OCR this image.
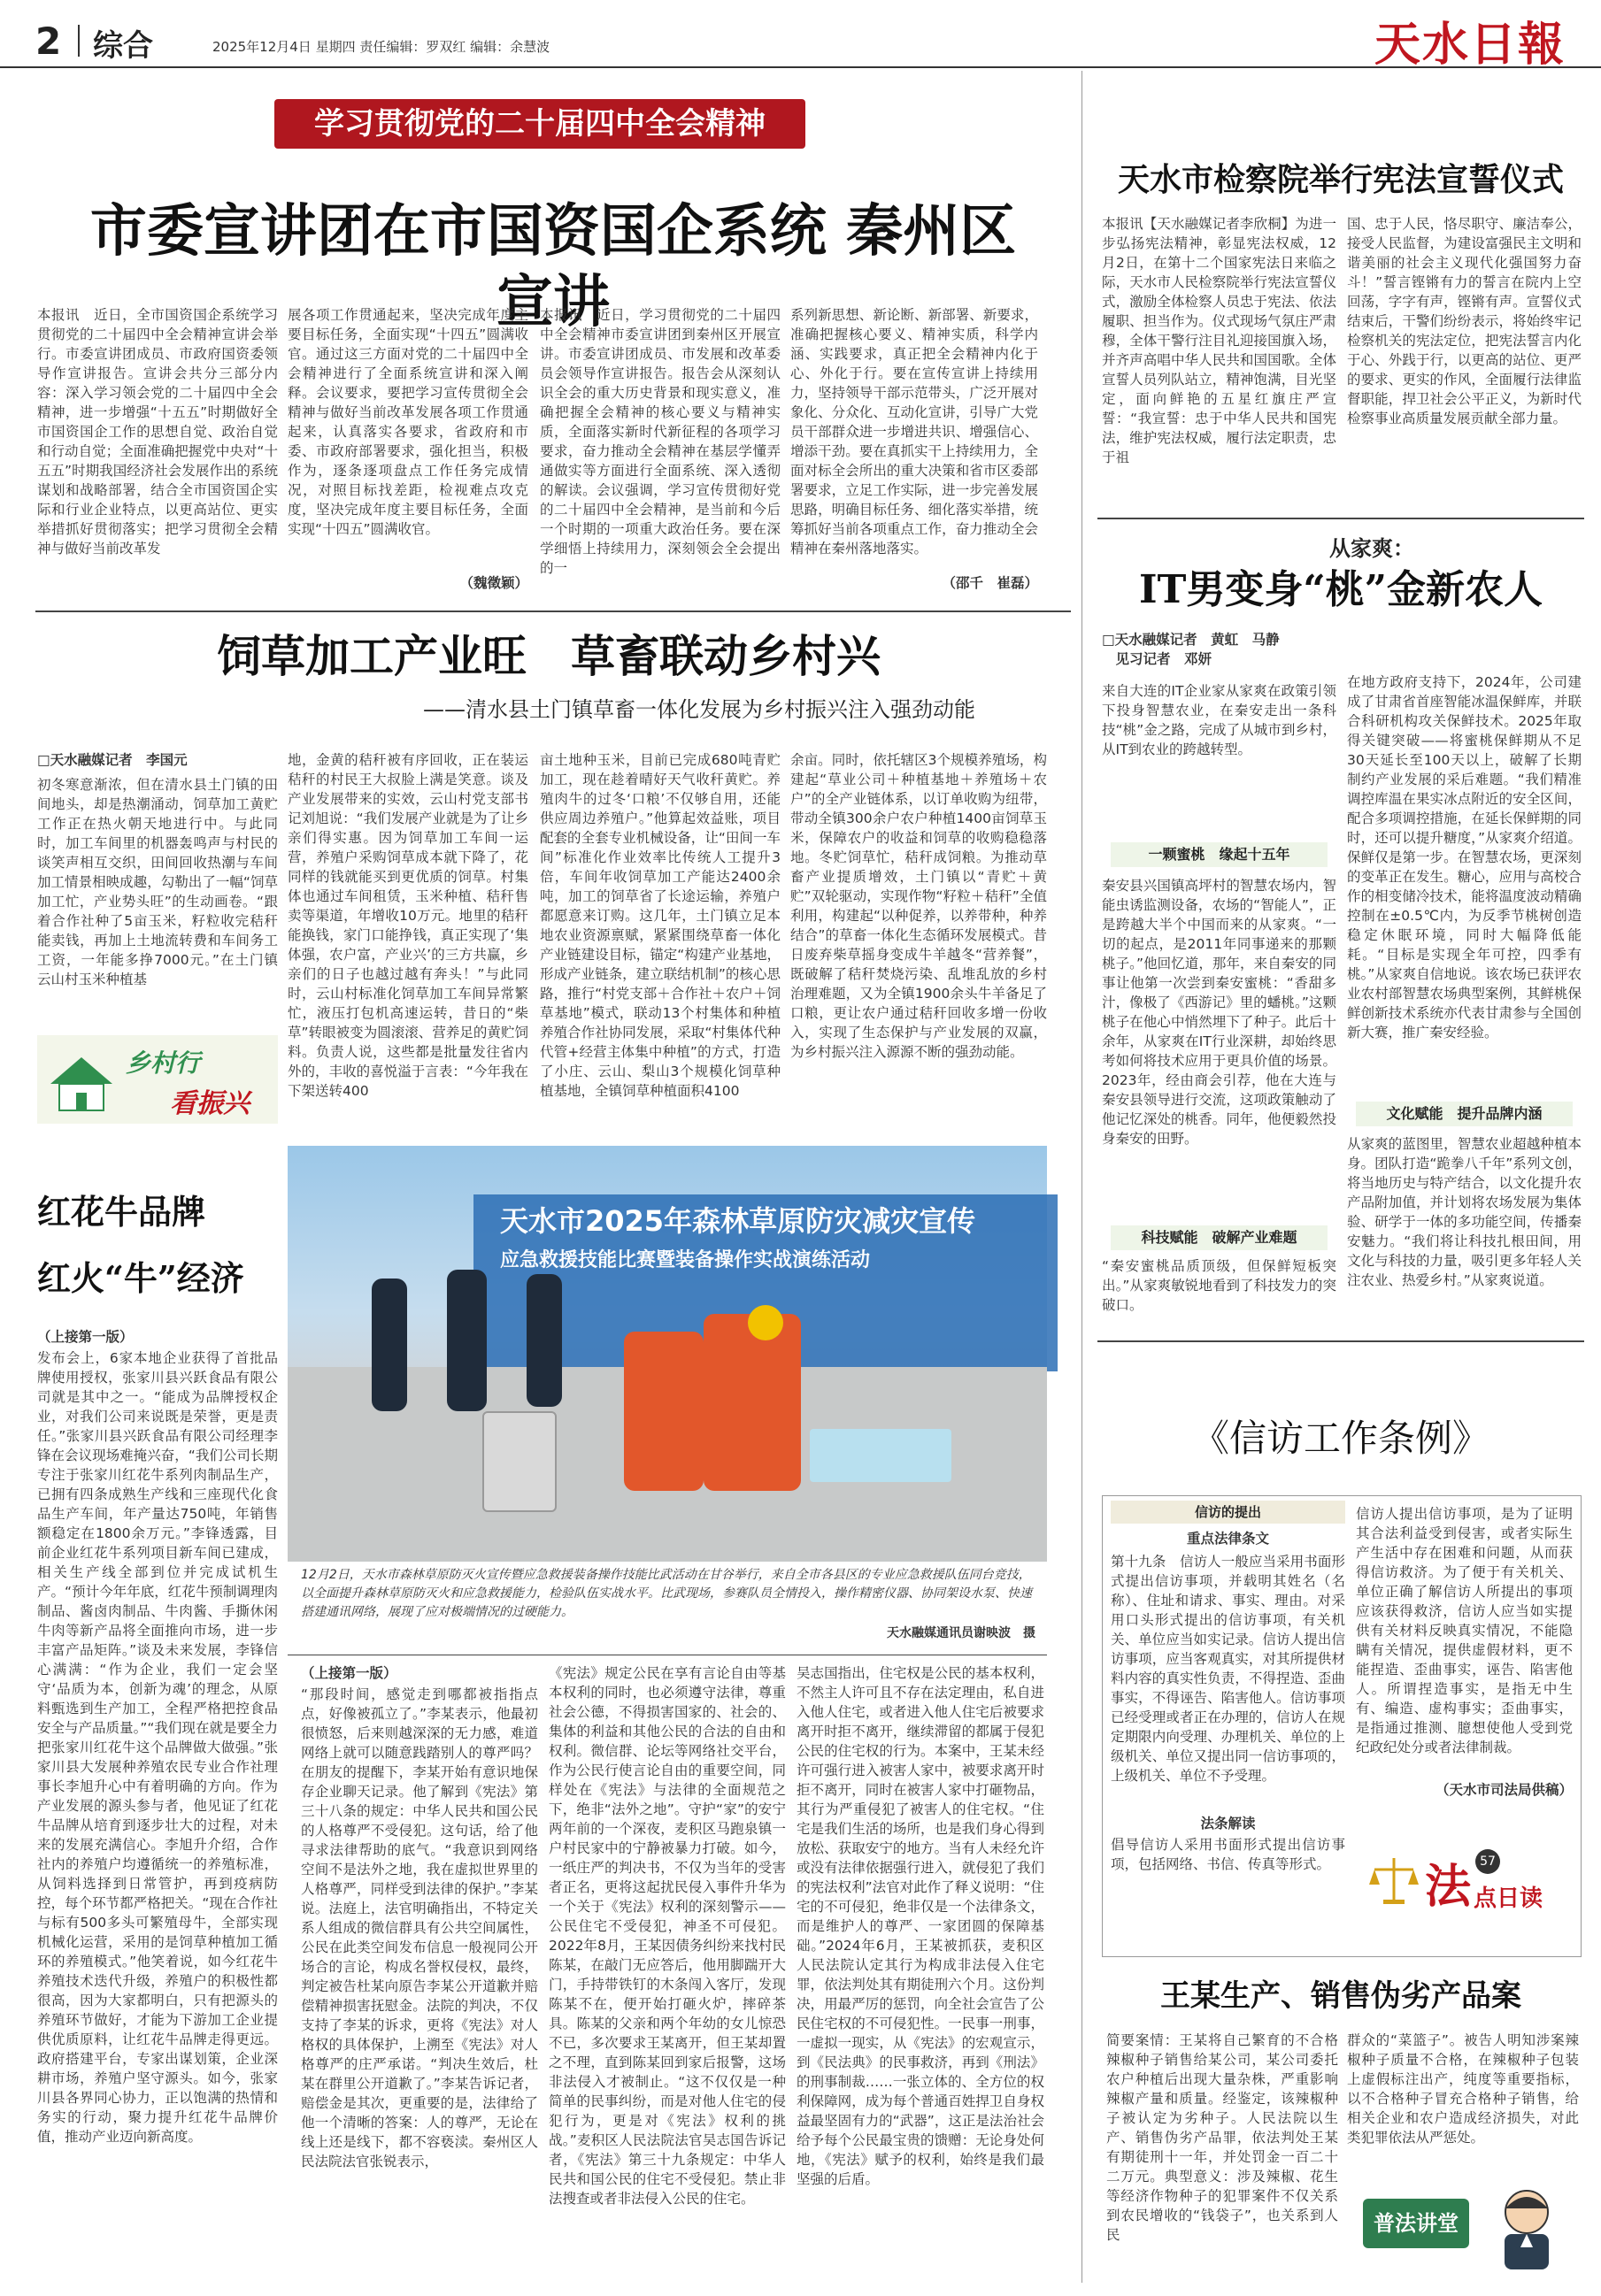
2 综合	2025年12月4日 星期四 责任编辑：罗双红 编辑：余慧波	天水日報
学习贯彻党的二十届四中全会精神
市委宣讲团在市国资国企系统 秦州区宣讲
本报讯　近日，全市国资国企系统学习贯彻党的二十届四中全会精神宣讲会举行。市委宣讲团成员、市政府国资委领导作宣讲报告。宣讲会共分三部分内容：深入学习领会党的二十届四中全会精神，进一步增强“十五五”时期做好全市国资国企工作的思想自觉、政治自觉和行动自觉；全面准确把握党中央对“十五五”时期我国经济社会发展作出的系统谋划和战略部署，结合全市国资国企实际和行业企业特点，以更高站位、更实举措抓好贯彻落实；把学习贯彻全会精神与做好当前改革发
展各项工作贯通起来，坚决完成年度主要目标任务，全面实现“十四五”圆满收官。通过这三方面对党的二十届四中全会精神进行了全面系统宣讲和深入阐释。会议要求，要把学习宣传贯彻全会精神与做好当前改革发展各项工作贯通起来，认真落实各要求，省政府和市委、市政府部署要求，强化担当，积极作为，逐条逐项盘点工作任务完成情况，对照目标找差距，检视难点攻克度，坚决完成年度主要目标任务，全面实现“十四五”圆满收官。
（魏徵颖）
本报讯　近日，学习贯彻党的二十届四中全会精神市委宣讲团到秦州区开展宣讲。市委宣讲团成员、市发展和改革委员会领导作宣讲报告。报告会从深刻认识全会的重大历史背景和现实意义，准确把握全会精神的核心要义与精神实质，全面落实新时代新征程的各项学习要求，奋力推动全会精神在基层学懂弄通做实等方面进行全面系统、深入透彻的解读。会议强调，学习宣传贯彻好党的二十届四中全会精神，是当前和今后一个时期的一项重大政治任务。要在深学细悟上持续用力，深刻领会全会提出的一
系列新思想、新论断、新部署、新要求，准确把握核心要义、精神实质，科学内涵、实践要求，真正把全会精神内化于心、外化于行。要在宣传宣讲上持续用力，坚持领导干部示范带头，广泛开展对象化、分众化、互动化宣讲，引导广大党员干部群众进一步增进共识、增强信心、增添干劲。要在真抓实干上持续用力，全面对标全会所出的重大决策和省市区委部署要求，立足工作实际，进一步完善发展思路，明确目标任务、细化落实举措，统筹抓好当前各项重点工作，奋力推动全会精神在秦州落地落实。
（邵千　崔磊）
饲草加工产业旺　草畜联动乡村兴
——清水县土门镇草畜一体化发展为乡村振兴注入强劲动能
□天水融媒记者　李国元
初冬寒意渐浓，但在清水县土门镇的田间地头，却是热潮涌动，饲草加工黄贮工作正在热火朝天地进行中。与此同时，加工车间里的机器轰鸣声与村民的谈笑声相互交织，田间回收热潮与车间加工情景相映成趣，勾勒出了一幅“饲草加工忙，产业势头旺”的生动画卷。“跟着合作社种了5亩玉米，籽粒收完秸秆能卖钱，再加上土地流转费和车间务工工资，一年能多挣7000元。”在土门镇云山村玉米种植基
地，金黄的秸秆被有序回收，正在装运秸秆的村民王大叔脸上满是笑意。谈及产业发展带来的实效，云山村党支部书记刘旭说：“我们发展产业就是为了让乡亲们得实惠。因为饲草加工车间一运营，养殖户采购饲草成本就下降了，花同样的钱就能买到更优质的饲草。村集体也通过车间租赁，玉米种植、秸秆售卖等渠道，年增收10万元。地里的秸秆能换钱，家门口能挣钱，真正实现了‘集体强，农户富，产业兴’的三方共赢，乡亲们的日子也越过越有奔头！”与此同时，云山村标准化饲草加工车间异常繁忙，液压打包机高速运转，昔日的“柴草”转眼被变为圆滚滚、营养足的黄贮饲料。负责人说，这些都是批量发往省内外的，丰收的喜悦溢于言表：“今年我在下架送转400
亩土地种玉米，目前已完成680吨青贮加工，现在趁着晴好天气收秆黄贮。养殖肉牛的过冬‘口粮’不仅够自用，还能供应周边养殖户。”他算起效益账，项目配套的全套专业机械设备，让“田间一车间”标准化作业效率比传统人工提升3倍，车间年收饲草加工产能达2400余吨，加工的饲草省了长途运输，养殖户都愿意来订购。这几年，土门镇立足本地农业资源禀赋，紧紧围绕草畜一体化产业链建设目标，锚定“构建产业基地，形成产业链条，建立联结机制”的核心思路，推行“村党支部＋合作社＋农户＋饲草基地”模式，联动13个村集体和种植养殖合作社协同发展，采取“村集体代种代管+经营主体集中种植”的方式，打造了小庄、云山、梨山3个规模化饲草种植基地，全镇饲草种植面积4100
余亩。同时，依托辖区3个规模养殖场，构建起“草业公司＋种植基地＋养殖场＋农户”的全产业链体系，以订单收购为纽带，带动全镇300余户农户种植1400亩饲草玉米，保障农户的收益和饲草的收购稳稳落地。冬贮饲草忙，秸秆成饲粮。为推动草畜产业提质增效，土门镇以“青贮＋黄贮”双轮驱动，实现作物“籽粒＋秸秆”全值利用，构建起“以种促养，以养带种，种养结合”的草畜一体化生态循环发展模式。昔日废弃柴草摇身变成牛羊越冬“营养餐”，既破解了秸秆焚烧污染、乱堆乱放的乡村治理难题，又为全镇1900余头牛羊备足了口粮，更让农户通过秸秆回收多增一份收入，实现了生态保护与产业发展的双赢，为乡村振兴注入源源不断的强劲动能。
乡村行
看振兴
天水市2025年森林草原防灾减灾宣传
应急救援技能比赛暨装备操作实战演练活动
12月2日，天水市森林草原防灭火宣传暨应急救援装备操作技能比武活动在甘谷举行，来自全市各县区的专业应急救援队伍同台竞技，以全面提升森林草原防灭火和应急救援能力，检验队伍实战水平。比武现场，参赛队员全情投入，操作精密仪器、协同架设水泵、快速搭建通讯网络，展现了应对极端情况的过硬能力。
天水融媒通讯员谢映波　摄
红花牛品牌
红火“牛”经济
（上接第一版）
发布会上，6家本地企业获得了首批品牌使用授权，张家川县兴跃食品有限公司就是其中之一。“能成为品牌授权企业，对我们公司来说既是荣誉，更是责任。”张家川县兴跃食品有限公司经理李锋在会议现场难掩兴奋，“我们公司长期专注于张家川红花牛系列肉制品生产，已拥有四条成熟生产线和三座现代化食品生产车间，年产量达750吨，年销售额稳定在1800余万元。”李锋透露，目前企业红花牛系列项目新车间已建成，相关生产线全部到位并完成试机生产。“预计今年年底，红花牛预制调理肉制品、酱卤肉制品、牛肉酱、手撕休闲牛肉等新产品将全面推向市场，进一步丰富产品矩阵。”谈及未来发展，李锋信心满满：“作为企业，我们一定会坚守‘品质为本，创新为魂’的理念，从原料甄选到生产加工，全程严格把控食品安全与产品质量。”“我们现在就是要全力把张家川红花牛这个品牌做大做强。”张家川县大发展种养殖农民专业合作社理事长李旭升心中有着明确的方向。作为产业发展的源头参与者，他见证了红花牛品牌从培育到逐步壮大的过程，对未来的发展充满信心。李旭升介绍，合作社内的养殖户均遵循统一的养殖标准，从饲料选择到日常管护，再到疫病防控，每个环节都严格把关。“现在合作社与标有500多头可繁殖母牛，全部实现机械化运营，采用的是饲草种植加工循环的养殖模式。”他笑着说，如今红花牛养殖技术迭代升级，养殖户的积极性都很高，因为大家都明白，只有把源头的养殖环节做好，才能为下游加工企业提供优质原料，让红花牛品牌走得更远。政府搭建平台，专家出谋划策，企业深耕市场，养殖户坚守源头。如今，张家川县各界同心协力，正以饱满的热情和务实的行动，聚力提升红花牛品牌价值，推动产业迈向新高度。
（上接第一版）
“那段时间，感觉走到哪都被指指点点，好像被孤立了。”李某表示，他最初很愤怒，后来则越深深的无力感，难道网络上就可以随意践踏别人的尊严吗？在朋友的提醒下，李某开始有意识地保存企业聊天记录。他了解到《宪法》第三十八条的规定：中华人民共和国公民的人格尊严不受侵犯。这句话，给了他寻求法律帮助的底气。“我意识到网络空间不是法外之地，我在虚拟世界里的人格尊严，同样受到法律的保护。”李某说。法庭上，法官明确指出，不特定关系人组成的微信群具有公共空间属性，公民在此类空间发布信息一般视同公开场合的言论，构成名誉权侵权，最终，判定被告杜某向原告李某公开道歉并赔偿精神损害抚慰金。法院的判决，不仅支持了李某的诉求，更将《宪法》对人格权的具体保护，上溯至《宪法》对人格尊严的庄严承诺。“判决生效后，杜某在群里公开道歉了。”李某告诉记者，赔偿金是其次，更重要的是，法律给了他一个清晰的答案：人的尊严，无论在线上还是线下，都不容亵渎。秦州区人民法院法官张锐表示，
《宪法》规定公民在享有言论自由等基本权利的同时，也必须遵守法律，尊重社会公德，不得损害国家的、社会的、集体的利益和其他公民的合法的自由和权利。微信群、论坛等网络社交平台，作为公民行使言论自由的重要空间，同样处在《宪法》与法律的全面规范之下，绝非“法外之地”。守护“家”的安宁　两年前的一个深夜，麦积区马跑泉镇一户村民家中的宁静被暴力打破。如今，一纸庄严的判决书，不仅为当年的受害者正名，更将这起扰民侵入事件升华为一个关于《宪法》权利的深刻警示——公民住宅不受侵犯，神圣不可侵犯。2022年8月，王某因债务纠纷来找村民陈某，在敲门无应答后，他用脚踹开大门，手持带铁钉的木条闯入客厅，发现陈某不在，便开始打砸火炉，摔碎茶具。陈某的父亲和两个年幼的女儿惊恐不已，多次要求王某离开，但王某却置之不理，直到陈某回到家后报警，这场非法侵入才被制止。“这不仅仅是一种简单的民事纠纷，而是对他人住宅的侵犯行为，更是对《宪法》权利的挑战。”麦积区人民法院法官吴志国告诉记者，《宪法》第三十九条规定：中华人民共和国公民的住宅不受侵犯。禁止非法搜查或者非法侵入公民的住宅。
吴志国指出，住宅权是公民的基本权利，不然主人许可且不存在法定理由，私自进入他人住宅，或者进入他人住宅后被要求离开时拒不离开，继续滞留的都属于侵犯公民的住宅权的行为。本案中，王某未经许可强行进入被害人家中，被要求离开时拒不离开，同时在被害人家中打砸物品，其行为严重侵犯了被害人的住宅权。“住宅是我们生活的场所，也是我们身心得到放松、获取安宁的地方。当有人未经允许或没有法律依据强行进入，就侵犯了我们的宪法权利”法官对此作了释义说明：“住宅的不可侵犯，绝非仅是一个法律条文，而是维护人的尊严、一家团圆的保障基础。”2024年6月，王某被抓获，麦积区人民法院认定其行为构成非法侵入住宅罪，依法判处其有期徒刑六个月。这份判决，用最严厉的惩罚，向全社会宣告了公民住宅权的不可侵犯性。一民事一刑事，一虚拟一现实，从《宪法》的宏观宣示，到《民法典》的民事救济，再到《刑法》的刑事制裁……一张立体的、全方位的权利保障网，成为每个普通百姓捍卫自身权益最坚固有力的“武器”，这正是法治社会给予每个公民最宝贵的馈赠：无论身处何地，《宪法》赋予的权利，始终是我们最坚强的后盾。
天水市检察院举行宪法宣誓仪式
本报讯【天水融媒记者李欣桐】为进一步弘扬宪法精神，彰显宪法权威，12月2日，在第十二个国家宪法日来临之际，天水市人民检察院举行宪法宣誓仪式，激励全体检察人员忠于宪法、依法履职、担当作为。仪式现场气氛庄严肃穆，全体干警行注目礼迎接国旗入场，并齐声高唱中华人民共和国国歌。全体宣誓人员列队站立，精神饱满，目光坚定，面向鲜艳的五星红旗庄严宣誓：“我宣誓：忠于中华人民共和国宪法，维护宪法权威，履行法定职责，忠于祖
国、忠于人民，恪尽职守、廉洁奉公，接受人民监督，为建设富强民主文明和谐美丽的社会主义现代化强国努力奋斗！”誓言铿锵有力的誓言在院内上空回荡，字字有声，铿锵有声。宣誓仪式结束后，干警们纷纷表示，将始终牢记检察机关的宪法定位，把宪法誓言内化于心、外践于行，以更高的站位、更严的要求、更实的作风，全面履行法律监督职能，捍卫社会公平正义，为新时代检察事业高质量发展贡献全部力量。
从家爽：
IT男变身“桃”金新农人
□天水融媒记者　黄虹　马静
　见习记者　邓妍
来自大连的IT企业家从家爽在政策引领下投身智慧农业，在秦安走出一条科技“桃”金之路，完成了从城市到乡村，从IT到农业的跨越转型。
一颗蜜桃　缘起十五年
秦安县兴国镇高坪村的智慧农场内，智能虫诱监测设备，农场的“智能人”，正是跨越大半个中国而来的从家爽。“一切的起点，是2011年同事递来的那颗桃子。”他回忆道，那年，来自秦安的同事让他第一次尝到秦安蜜桃：“香甜多汁，像极了《西游记》里的蟠桃。”这颗桃子在他心中悄然埋下了种子。此后十余年，从家爽在IT行业深耕，却始终思考如何将技术应用于更具价值的场景。2023年，经由商会引荐，他在大连与秦安县领导进行交流，这项政策触动了他记忆深处的桃香。同年，他便毅然投身秦安的田野。
科技赋能　破解产业难题
“秦安蜜桃品质顶级，但保鲜短板突出。”从家爽敏锐地看到了科技发力的突破口。
在地方政府支持下，2024年，公司建成了甘肃省首座智能冰温保鲜库，并联合科研机构攻关保鲜技术。2025年取得关键突破——将蜜桃保鲜期从不足30天延长至100天以上，破解了长期制约产业发展的采后难题。“我们精准调控库温在果实冰点附近的安全区间，配合多项调控措施，在延长保鲜期的同时，还可以提升糖度，”从家爽介绍道。保鲜仅是第一步。在智慧农场，更深刻的变革正在发生。糖心，应用与高校合作的相变储冷技术，能将温度波动精确控制在±0.5℃内，为反季节桃树创造稳定休眠环境，同时大幅降低能耗。“目标是实现全年可控，四季有桃。”从家爽自信地说。该农场已获评农业农村部智慧农场典型案例，其鲜桃保鲜创新技术系统亦代表甘肃参与全国创新大赛，推广秦安经验。
文化赋能　提升品牌内涵
从家爽的蓝图里，智慧农业超越种植本身。团队打造“跪拳八千年”系列文创，将当地历史与特产结合，以文化提升农产品附加值，并计划将农场发展为集体验、研学于一体的多功能空间，传播秦安魅力。“我们将让科技扎根田间，用文化与科技的力量，吸引更多年轻人关注农业、热爱乡村。”从家爽说道。
《信访工作条例》
信访的提出
重点法律条文
第十九条　信访人一般应当采用书面形式提出信访事项，并载明其姓名（名称）、住址和请求、事实、理由。对采用口头形式提出的信访事项，有关机关、单位应当如实记录。信访人提出信访事项，应当客观真实，对其所提供材料内容的真实性负责，不得捏造、歪曲事实，不得诬告、陷害他人。信访事项已经受理或者正在办理的，信访人在规定期限内向受理、办理机关、单位的上级机关、单位又提出同一信访事项的，上级机关、单位不予受理。
法条解读
倡导信访人采用书面形式提出信访事项，包括网络、书信、传真等形式。
信访人提出信访事项，是为了证明其合法利益受到侵害，或者实际生产生活中存在困难和问题，从而获得信访救济。为了便于有关机关、单位正确了解信访人所提出的事项应该获得救济，信访人应当如实提供有关材料反映真实情况，不能隐瞒有关情况，提供虚假材料，更不能捏造、歪曲事实，诬告、陷害他人。所谓捏造事实，是指无中生有、编造、虚构事实；歪曲事实，是指通过推测、臆想使他人受到党纪政纪处分或者法律制裁。
（天水市司法局供稿）
法 57
点日读
王某生产、销售伪劣产品案
简要案情：王某将自己繁育的不合格辣椒种子销售给某公司，某公司委托农户种植后出现大量杂株，严重影响辣椒产量和质量。经鉴定，该辣椒种子被认定为劣种子。人民法院以生产、销售伪劣产品罪，依法判处王某有期徒刑十一年，并处罚金一百二十二万元。典型意义：涉及辣椒、花生等经济作物种子的犯罪案件不仅关系到农民增收的“钱袋子”，也关系到人民
群众的“菜篮子”。被告人明知涉案辣椒种子质量不合格，在辣椒种子包装上虚假标注出产，纯度等重要指标，以不合格种子冒充合格种子销售，给相关企业和农户造成经济损失，对此类犯罪依法从严惩处。
普法讲堂
